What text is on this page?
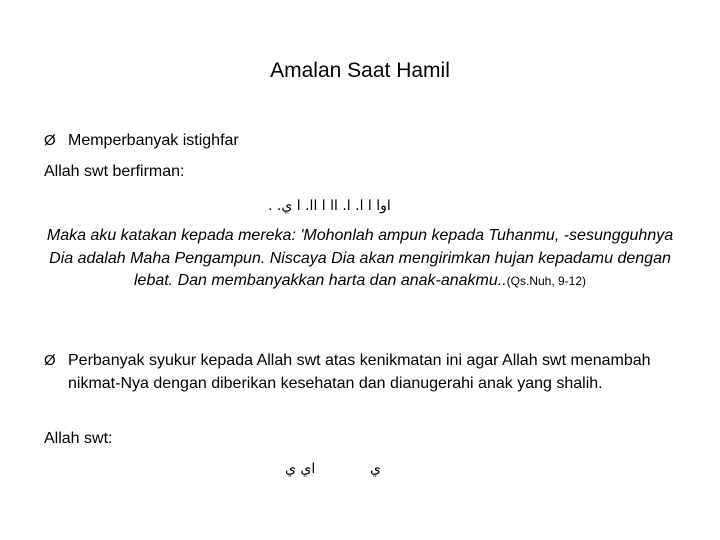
Amalan Saat Hamil
Ø Memperbanyak istighfar
Allah swt berfirman:
اوا ا ا. ا. اا ا اا. ا ي. .
Maka aku katakan kepada mereka: 'Mohonlah ampun kepada Tuhanmu, -sesungguhnya Dia adalah Maha Pengampun. Niscaya Dia akan mengirimkan hujan kepadamu dengan lebat. Dan membanyakkan harta dan anak-anakmu..(Qs.Nuh, 9-12)
Ø Perbanyak syukur kepada Allah swt atas kenikmatan ini agar Allah swt menambah nikmat-Nya dengan diberikan kesehatan dan dianugerahi anak yang shalih.
Allah swt:
اي ي	ي
